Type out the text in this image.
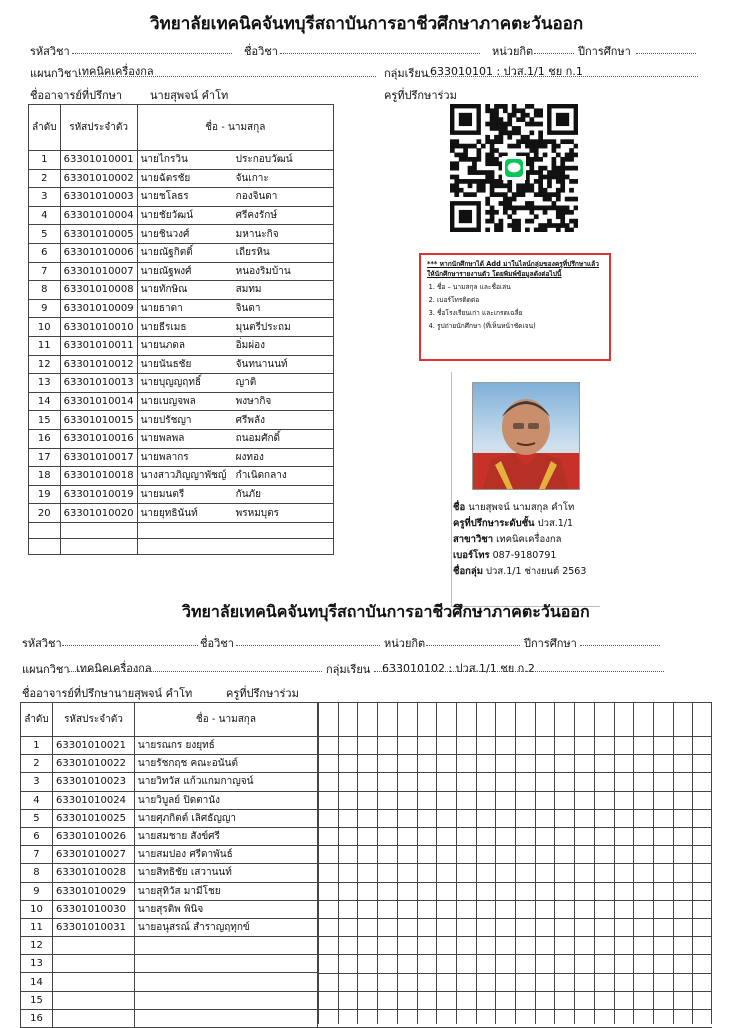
วิทยาลัยเทคนิคจันทบุรีสถาบันการอาชีวศึกษาภาคตะวันออก
รหัสวิชา	ชื่อวิชา	หน่วยกิต	ปีการศึกษา
แผนกวิชา เทคนิคเครื่องกล	กลุ่มเรียน 633010101 : ปวส.1/1 ชย ก.1
ชื่ออาจารย์ที่ปรึกษา	นายสุพจน์ คำโท	ครูที่ปรึกษาร่วม
ลำดับ	รหัสประจำตัว	ชื่อ - นามสกุล	
1	63301010001	นายไกรวิน	ประกอบวัฒน์
2	63301010002	นายฉัตรชัย	จันเกาะ
3	63301010003	นายชโลธร	กองจินดา
4	63301010004	นายชัยวัฒน์	ศรีคงรักษ์
5	63301010005	นายชินวงศ์	มหานะกิจ
6	63301010006	นายณัฐกิตติ์	เถียรหิน
7	63301010007	นายณัฐพงศ์	หนองริมบ้าน
8	63301010008	นายทักษิณ	สมทม
9	63301010009	นายธาดา	จินดา
10	63301010010	นายธีรเมธ	มุนตรีประถม
11	63301010011	นายนภดล	อิ่มผ่อง
12	63301010012	นายนันธชัย	จันทนานนท์
13	63301010013	นายบุญญฤทธิ์	ญาติ
14	63301010014	นายเบญจพล	พงษากิจ
15	63301010015	นายปรัชญา	ศรีพลัง
16	63301010016	นายพลพล	ถนอมศักดิ์
17	63301010017	นายพลากร	ผงทอง
18	63301010018	นางสาวภิญญาพัชญ์	กำเนิดกลาง
19	63301010019	นายมนตรี	กันภัย
20	63301010020	นายยุทธินันท์	พรหมบุตร

*** หากนักศึกษาได้ Add มาในไลน์กลุ่มของครูที่ปรึกษาแล้ว ให้นักศึกษารายงานตัว โดยพิมพ์ข้อมูลดังต่อไปนี้
1. ชื่อ – นามสกุล และชื่อเล่น
2. เบอร์โทรติดต่อ
3. ชื่อโรงเรียนเก่า และเกรดเฉลี่ย
4. รูปถ่ายนักศึกษา (ที่เห็นหน้าชัดเจน)
ชื่อ นายสุพจน์ นามสกุล คำโท
ครูที่ปรึกษาระดับชั้น ปวส.1/1
สาขาวิชา เทคนิคเครื่องกล
เบอร์โทร 087-9180791
ชื่อกลุ่ม ปวส.1/1 ช่างยนต์ 2563
วิทยาลัยเทคนิคจันทบุรีสถาบันการอาชีวศึกษาภาคตะวันออก
รหัสวิชา	ชื่อวิชา	หน่วยกิต	ปีการศึกษา
แผนกวิชา เทคนิคเครื่องกล	กลุ่มเรียน 633010102 : ปวส.1/1 ชย ก.2
ชื่ออาจารย์ที่ปรึกษา นายสุพจน์ คำโท	ครูที่ปรึกษาร่วม
ลำดับ	รหัสประจำตัว	ชื่อ - นามสกุล
1	63301010021	นายรณกร ยงยุทธ์
2	63301010022	นายรัชกฤช คณะอนันต์
3	63301010023	นายวิทวัส แก้วแกมกาญจน์
4	63301010024	นายวิบูลย์ ปิดตานัง
5	63301010025	นายศุภกิตต์ เลิศธัญญา
6	63301010026	นายสมชาย สังข์ศรี
7	63301010027	นายสมปอง ศรีดาพันธ์
8	63301010028	นายสิทธิชัย เสวานนท์
9	63301010029	นายสุทิวัส มามีโชย
10	63301010030	นายสุรติพ พินิจ
11	63301010031	นายอนุสรณ์ สำราญฤทุกข์
12		
13		
14		
15		
16		
